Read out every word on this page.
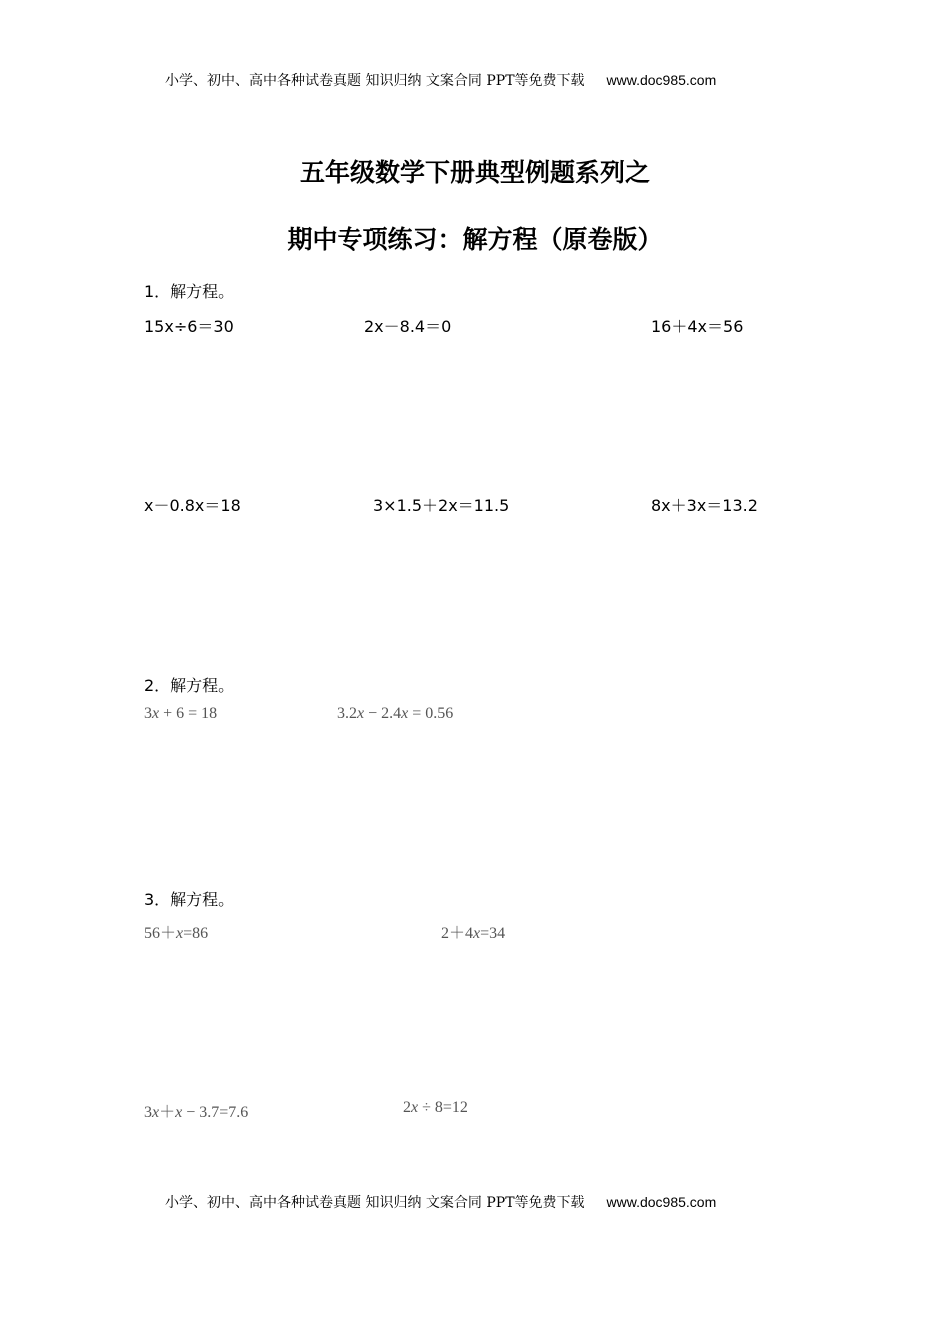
小学、初中、高中各种试卷真题 知识归纳 文案合同 PPT等免费下载 www.doc985.com
五年级数学下册典型例题系列之
期中专项练习：解方程（原卷版）
1．解方程。
15x÷6＝30	2x－8.4＝0	16＋4x＝56
x－0.8x＝18	3×1.5＋2x＝11.5	8x＋3x＝13.2
2．解方程。
3x + 6 = 18	3.2x − 2.4x = 0.56
3．解方程。
56＋x=86	2＋4x=34
3x＋x − 3.7=7.6	2x ÷ 8=12
小学、初中、高中各种试卷真题 知识归纳 文案合同 PPT等免费下载 www.doc985.com
